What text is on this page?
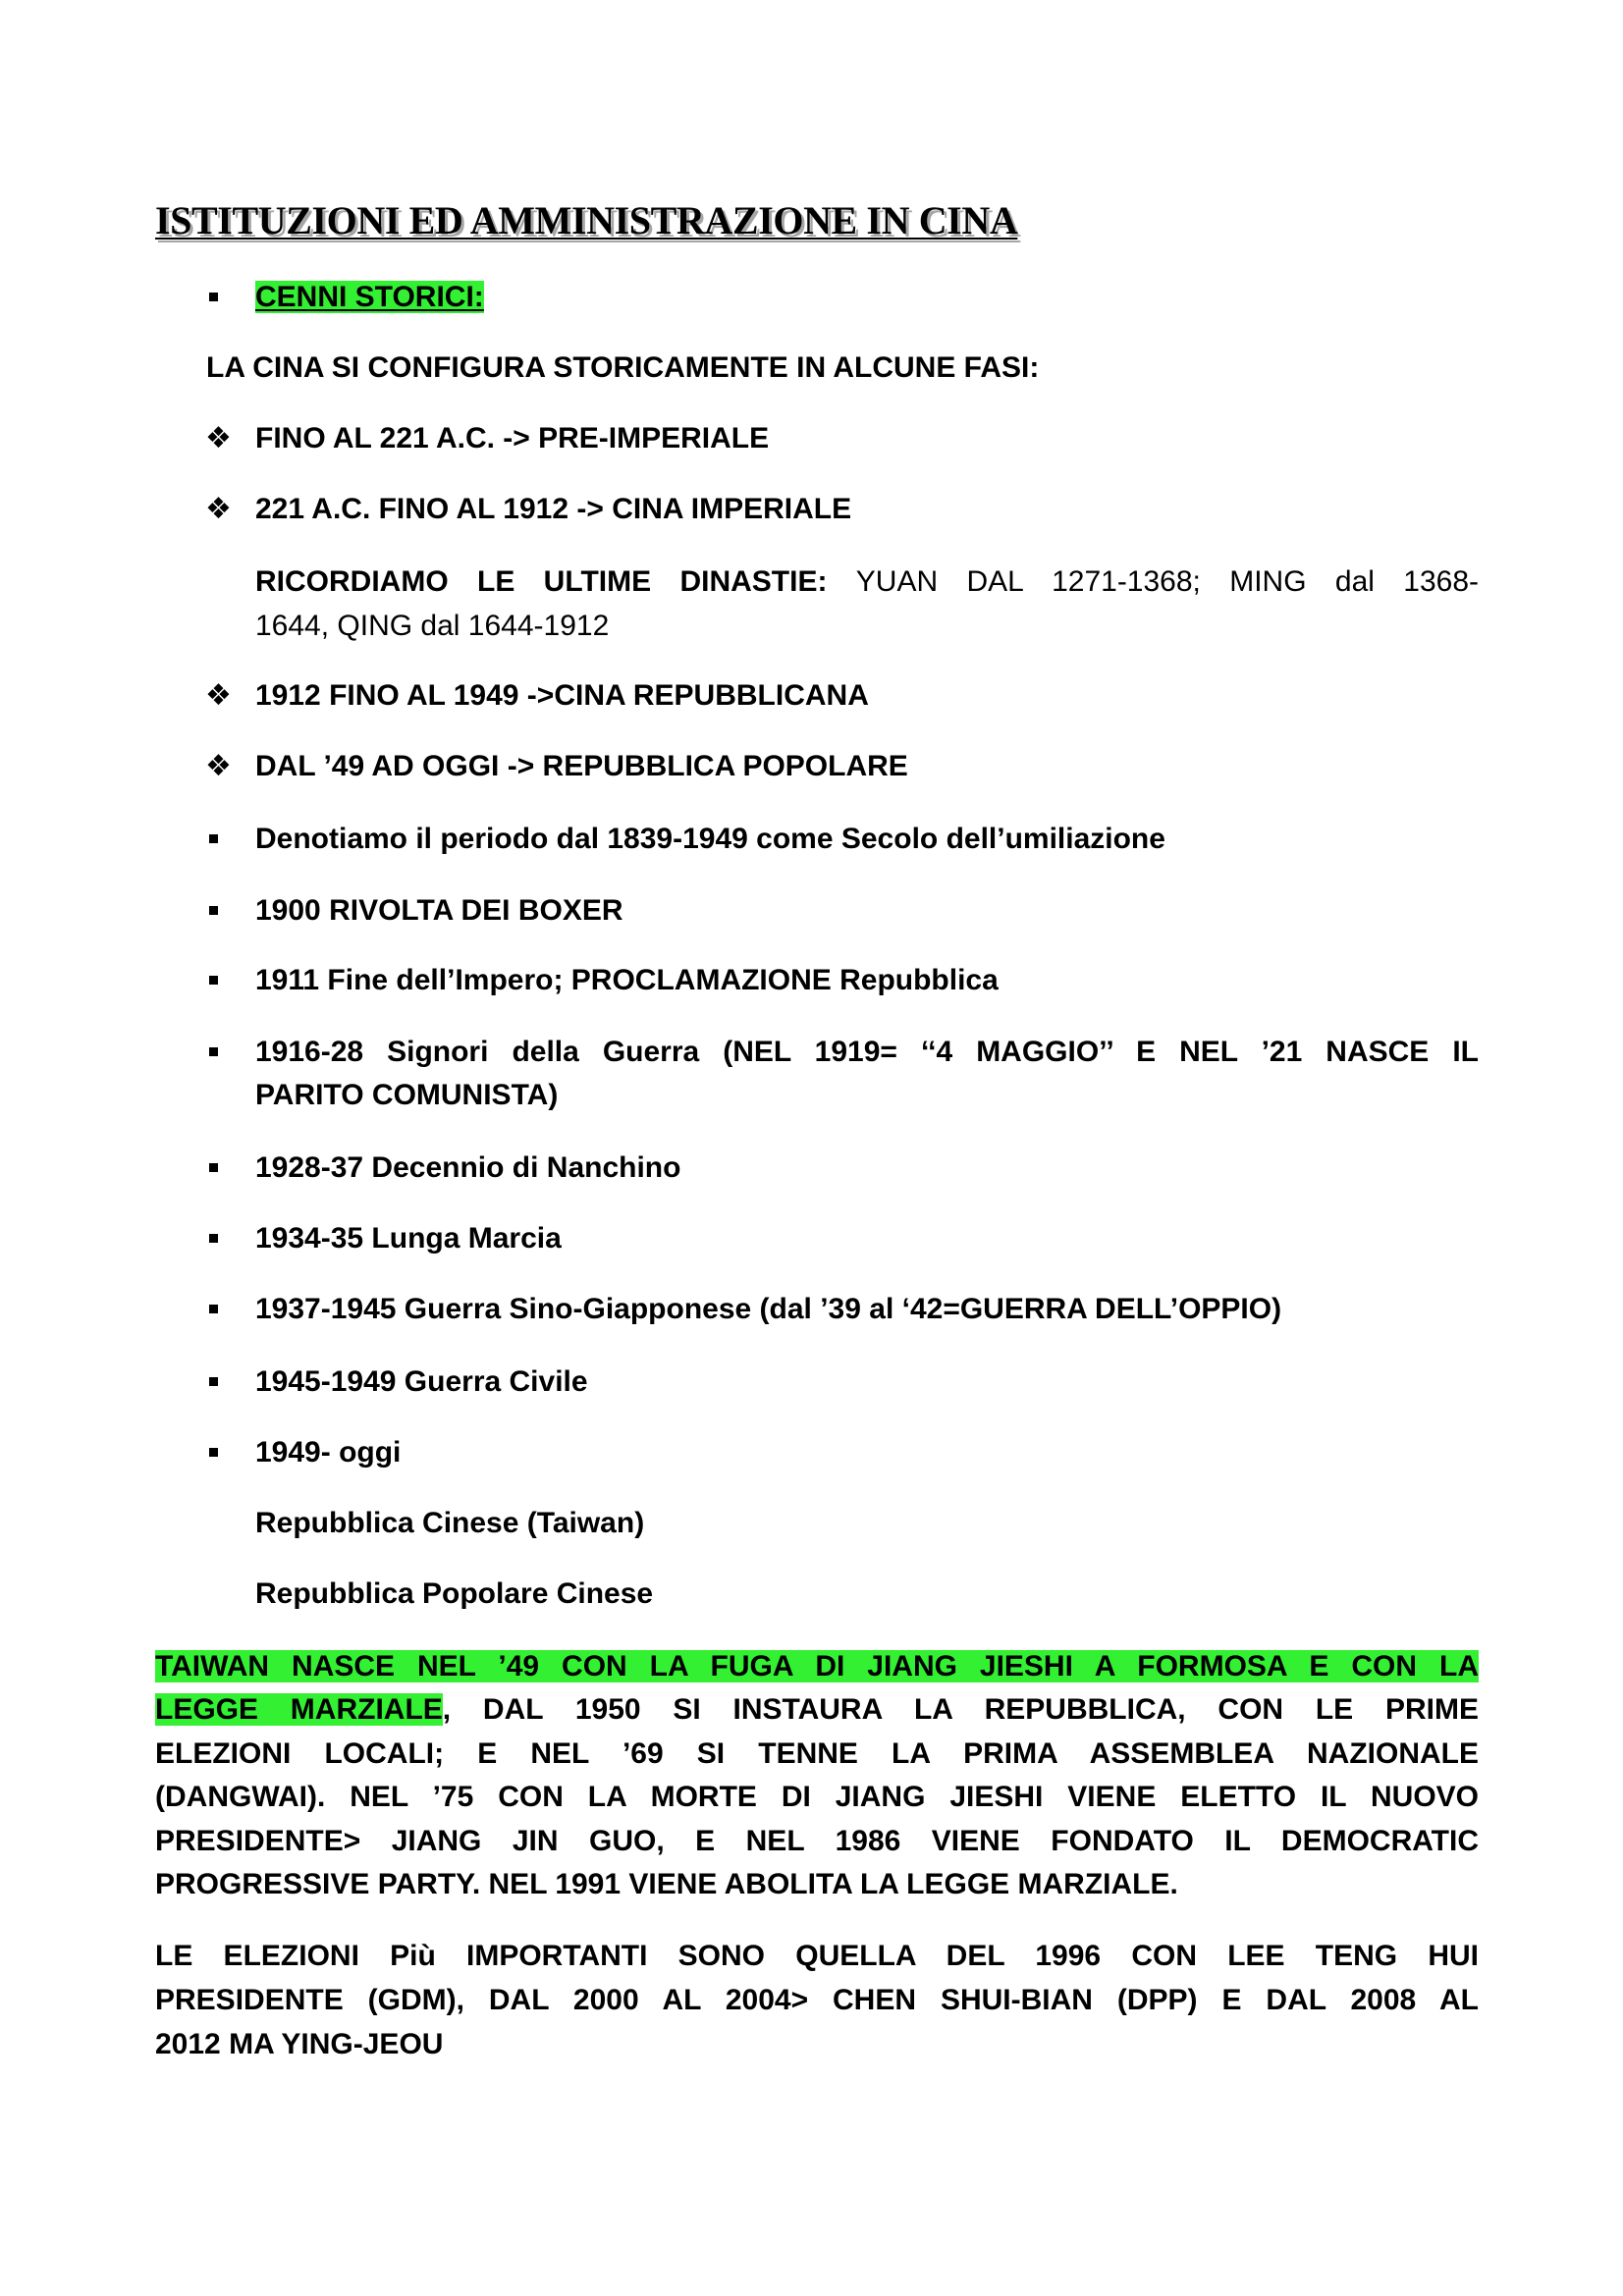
ISTITUZIONI ED AMMINISTRAZIONE IN CINA
CENNI STORICI:
LA CINA SI CONFIGURA STORICAMENTE IN ALCUNE FASI:
❖ FINO AL 221 A.C. -> PRE-IMPERIALE
❖ 221 A.C. FINO AL 1912 -> CINA IMPERIALE
RICORDIAMO LE ULTIME DINASTIE: YUAN DAL 1271-1368; MING dal 1368-
1644, QING dal 1644-1912
❖ 1912 FINO AL 1949 ->CINA REPUBBLICANA
❖ DAL ’49 AD OGGI -> REPUBBLICA POPOLARE
Denotiamo il periodo dal 1839-1949 come Secolo dell’umiliazione
1900 RIVOLTA DEI BOXER
1911 Fine dell’Impero; PROCLAMAZIONE Repubblica
1916-28 Signori della Guerra (NEL 1919= ‘‘4 MAGGIO’’ E NEL ’21 NASCE IL
PARITO COMUNISTA)
1928-37 Decennio di Nanchino
1934-35 Lunga Marcia
1937-1945 Guerra Sino-Giapponese (dal ’39 al ‘42=GUERRA DELL’OPPIO)
1945-1949 Guerra Civile
1949- oggi
Repubblica Cinese (Taiwan)
Repubblica Popolare Cinese
TAIWAN NASCE NEL ’49 CON LA FUGA DI JIANG JIESHI A FORMOSA E CON LA
LEGGE MARZIALE, DAL 1950 SI INSTAURA LA REPUBBLICA, CON LE PRIME
ELEZIONI LOCALI; E NEL ’69 SI TENNE LA PRIMA ASSEMBLEA NAZIONALE
(DANGWAI). NEL ’75 CON LA MORTE DI JIANG JIESHI VIENE ELETTO IL NUOVO
PRESIDENTE> JIANG JIN GUO, E NEL 1986 VIENE FONDATO IL DEMOCRATIC
PROGRESSIVE PARTY. NEL 1991 VIENE ABOLITA LA LEGGE MARZIALE.
LE ELEZIONI Più IMPORTANTI SONO QUELLA DEL 1996 CON LEE TENG HUI
PRESIDENTE (GDM), DAL 2000 AL 2004> CHEN SHUI-BIAN (DPP) E DAL 2008 AL
2012 MA YING-JEOU
